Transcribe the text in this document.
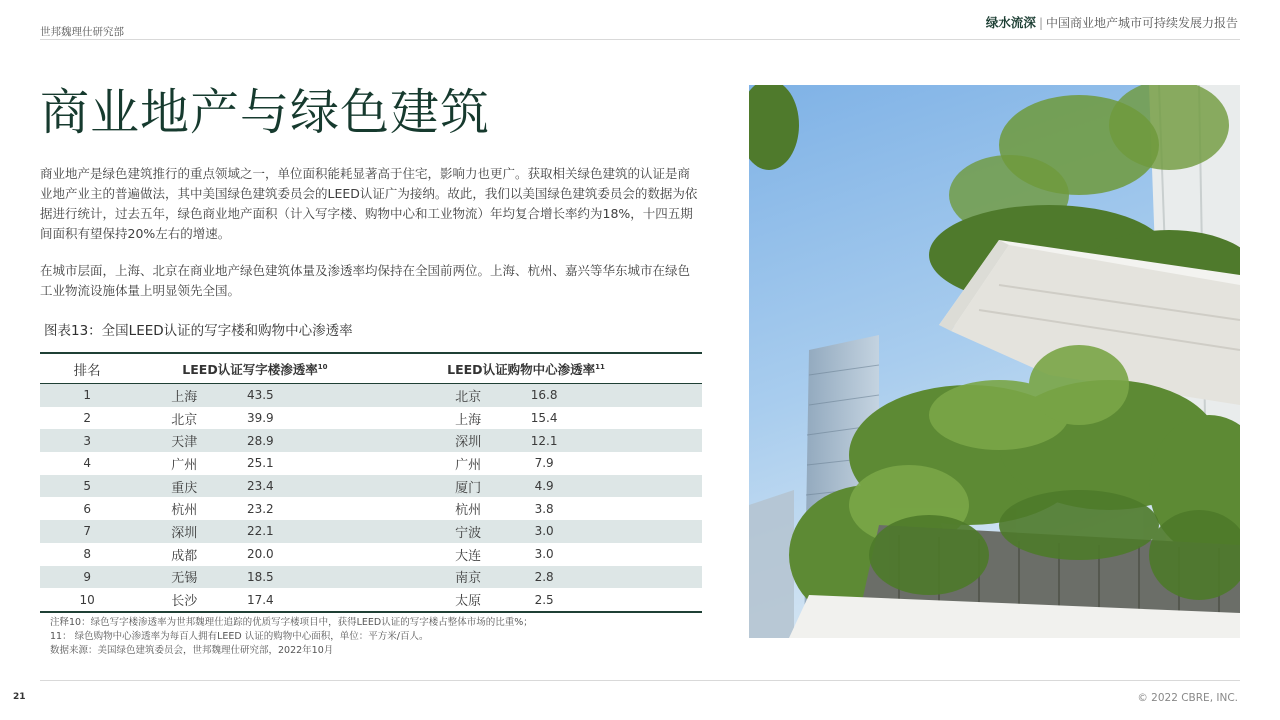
世邦魏理仕研究部
绿水流深 | 中国商业地产城市可持续发展力报告
商业地产与绿色建筑
商业地产是绿色建筑推行的重点领域之一，单位面积能耗显著高于住宅，影响力也更广。获取相关绿色建筑的认证是商业地产业主的普遍做法，其中美国绿色建筑委员会的LEED认证广为接纳。故此，我们以美国绿色建筑委员会的数据为依据进行统计，过去五年，绿色商业地产面积（计入写字楼、购物中心和工业物流）年均复合增长率约为18%，十四五期间面积有望保持20%左右的增速。
在城市层面，上海、北京在商业地产绿色建筑体量及渗透率均保持在全国前两位。上海、杭州、嘉兴等华东城市在绿色工业物流设施体量上明显领先全国。
图表13：全国LEED认证的写字楼和购物中心渗透率
排名	LEED认证写字楼渗透率$^{10}$		LEED认证购物中心渗透率$^{11}$
1	上海	43.5	北京	16.8
2	北京	39.9	上海	15.4
3	天津	28.9	深圳	12.1
4	广州	25.1	广州	7.9
5	重庆	23.4	厦门	4.9
6	杭州	23.2	杭州	3.8
7	深圳	22.1	宁波	3.0
8	成都	20.0	大连	3.0
9	无锡	18.5	南京	2.8
10	长沙	17.4	太原	2.5
注释10：绿色写字楼渗透率为世邦魏理仕追踪的优质写字楼项目中，获得LEED认证的写字楼占整体市场的比重%；
11： 绿色购物中心渗透率为每百人拥有LEED 认证的购物中心面积，单位：平方米/百人。
数据来源：美国绿色建筑委员会，世邦魏理仕研究部，2022年10月
21	© 2022 CBRE, INC.
